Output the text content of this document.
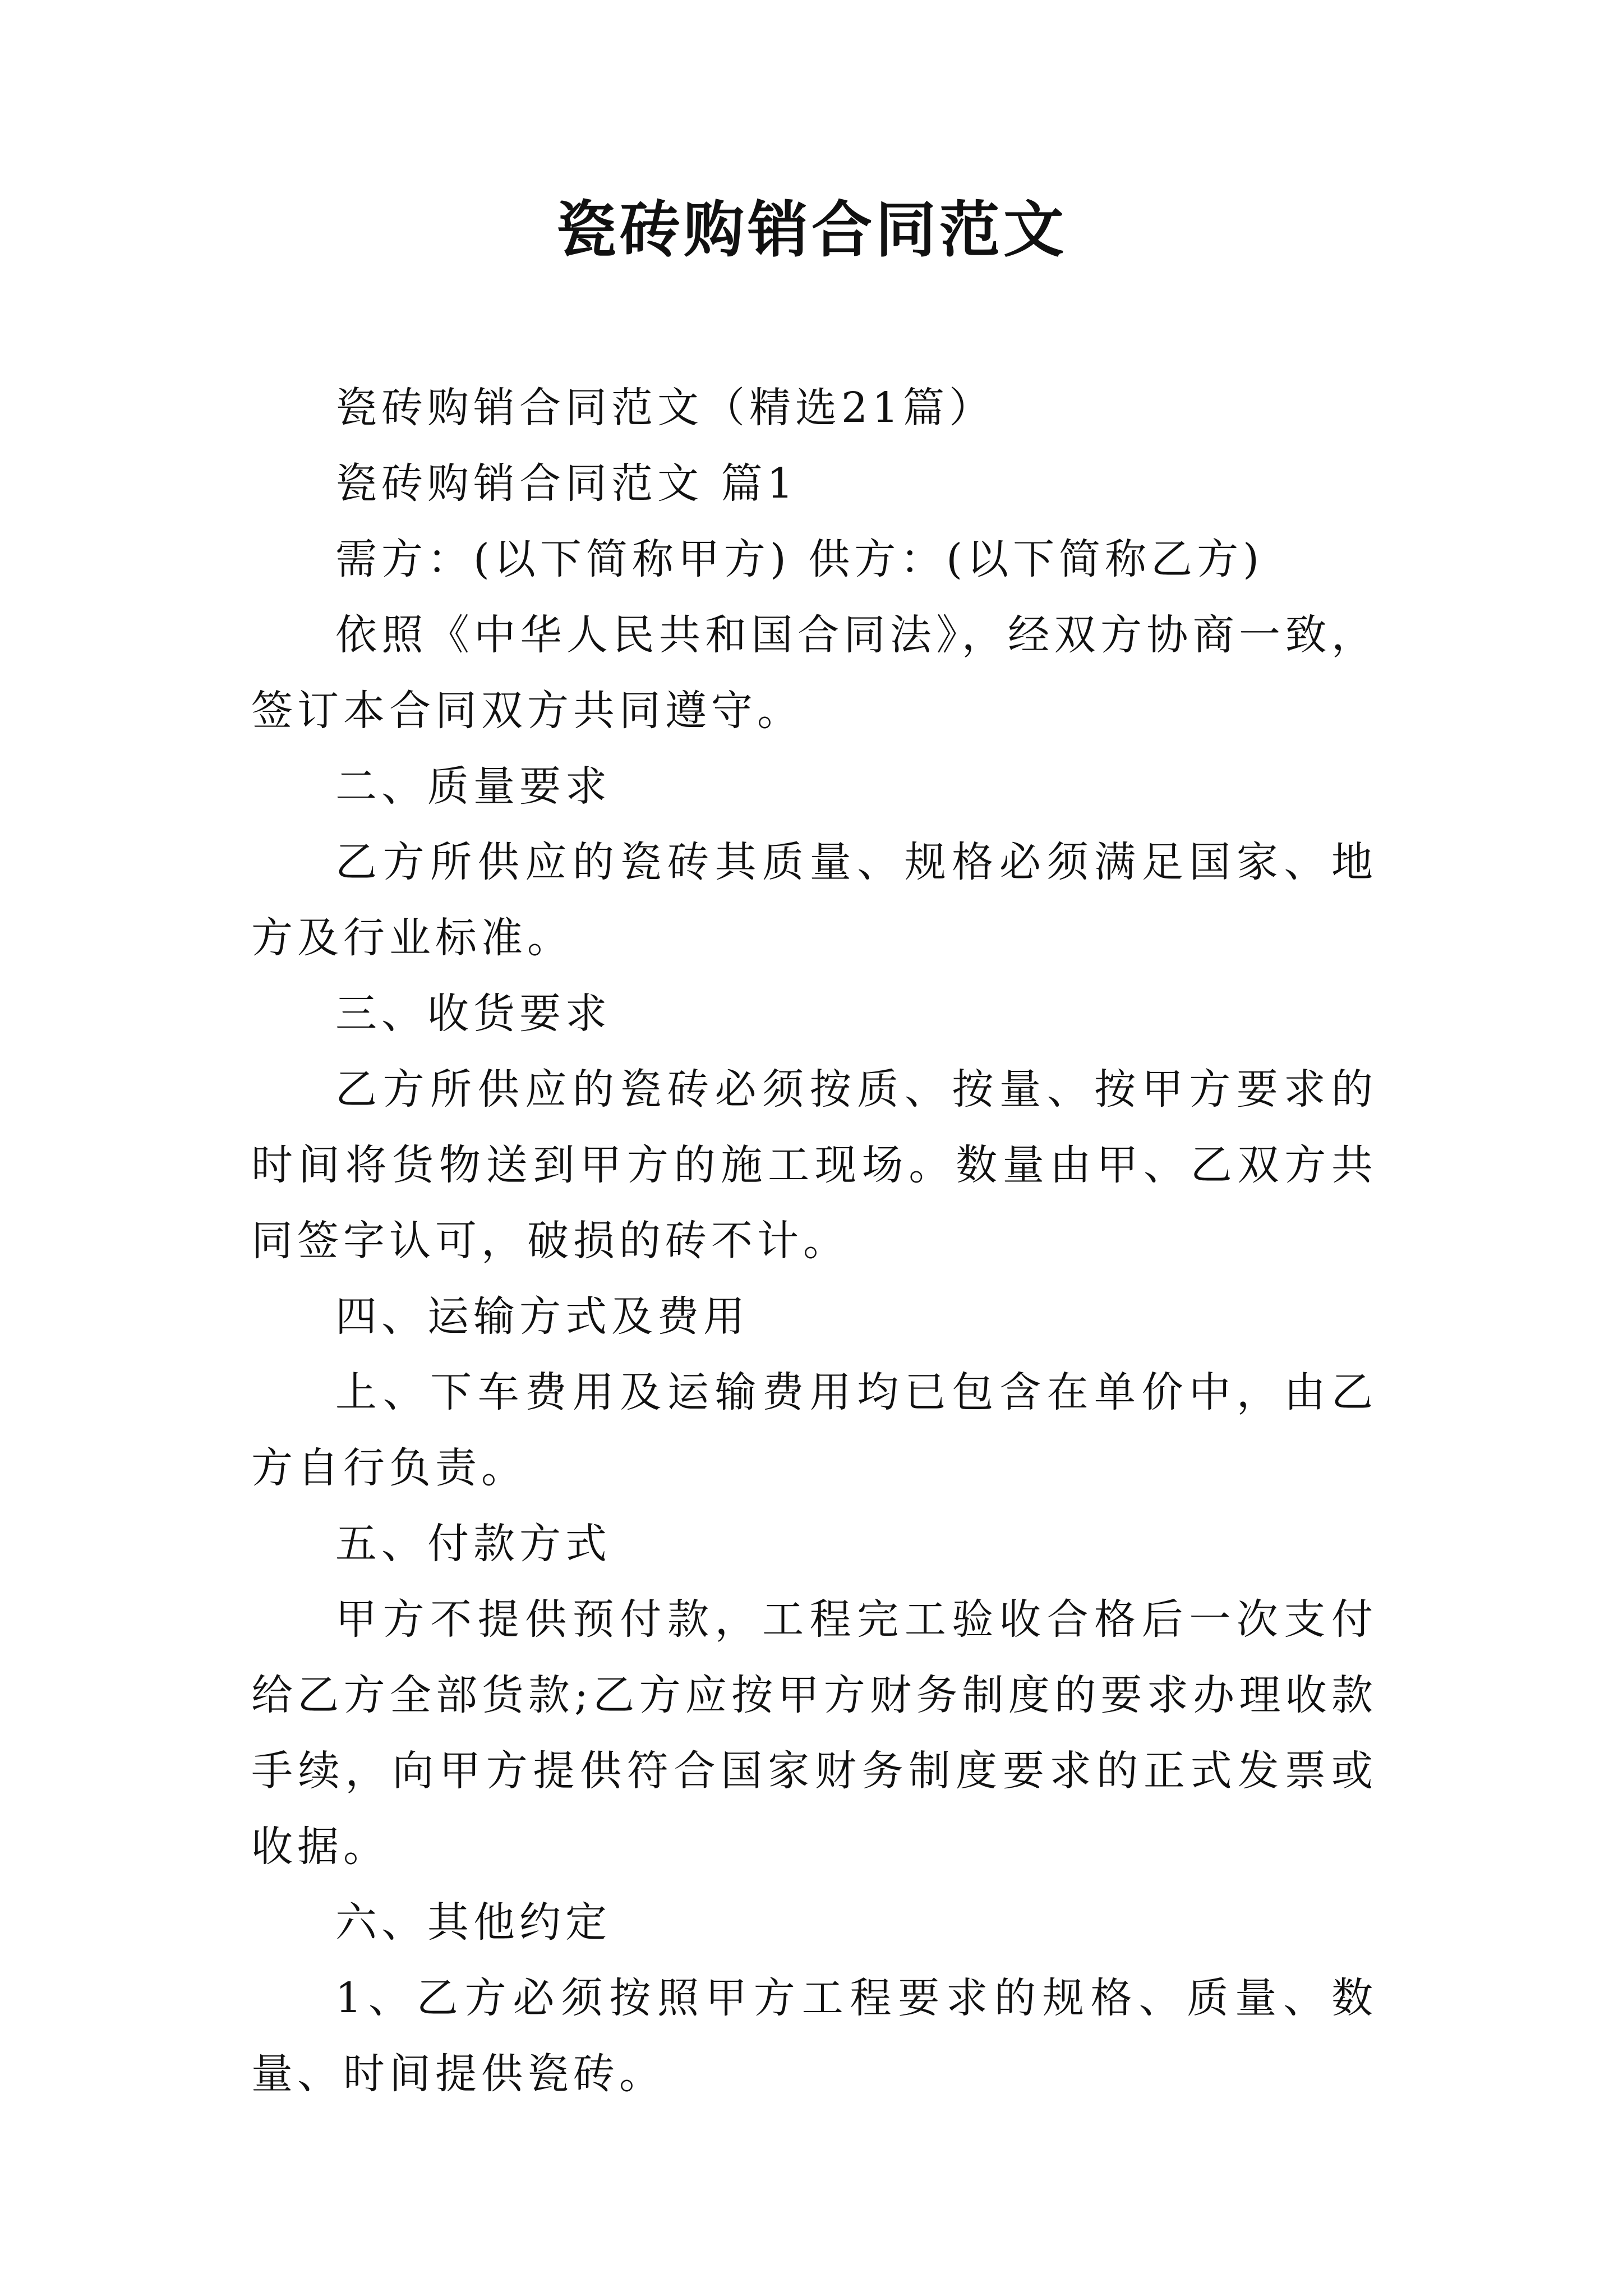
瓷砖购销合同范文

瓷砖购销合同范文（精选21篇）

瓷砖购销合同范文 篇1

需方：(以下简称甲方) 供方：(以下简称乙方)

依照《中华人民共和国合同法》，经双方协商一致，签订本合同双方共同遵守。

二、质量要求

乙方所供应的瓷砖其质量、规格必须满足国家、地方及行业标准。

三、收货要求

乙方所供应的瓷砖必须按质、按量、按甲方要求的时间将货物送到甲方的施工现场。数量由甲、乙双方共同签字认可，破损的砖不计。

四、运输方式及费用

上、下车费用及运输费用均已包含在单价中，由乙方自行负责。

五、付款方式

甲方不提供预付款，工程完工验收合格后一次支付给乙方全部货款;乙方应按甲方财务制度的要求办理收款手续，向甲方提供符合国家财务制度要求的正式发票或收据。

六、其他约定

1、乙方必须按照甲方工程要求的规格、质量、数量、时间提供瓷砖。
